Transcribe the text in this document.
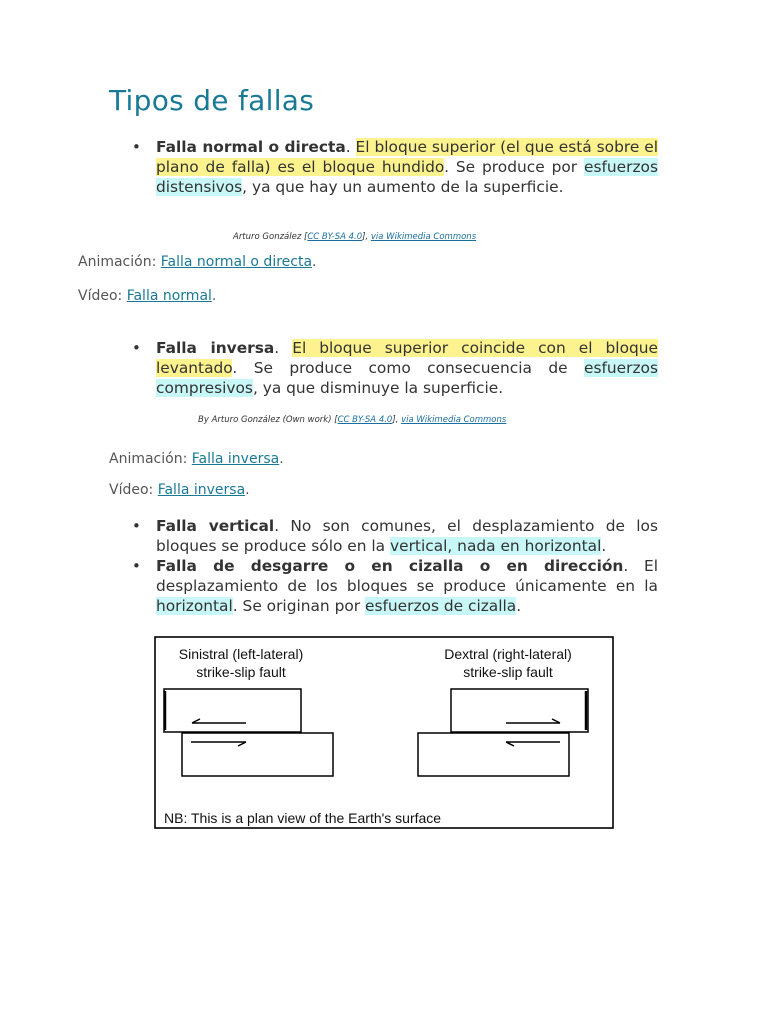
Tipos de fallas
• Falla normal o directa. El bloque superior (el que está sobre el plano de falla) es el bloque hundido. Se produce por esfuerzos distensivos, ya que hay un aumento de la superficie.
Arturo González [CC BY-SA 4.0], via Wikimedia Commons
Animación: Falla normal o directa.
Vídeo: Falla normal.
• Falla inversa. El bloque superior coincide con el bloque levantado. Se produce como consecuencia de esfuerzos compresivos, ya que disminuye la superficie.
By Arturo González (Own work) [CC BY-SA 4.0], via Wikimedia Commons
Animación: Falla inversa.
Vídeo: Falla inversa.
• Falla vertical. No son comunes, el desplazamiento de los bloques se produce sólo en la vertical, nada en horizontal.
• Falla de desgarre o en cizalla o en dirección. El desplazamiento de los bloques se produce únicamente en la horizontal. Se originan por esfuerzos de cizalla.
Sinistral (left-lateral)
strike-slip fault
Dextral (right-lateral)
strike-slip fault
NB: This is a plan view of the Earth's surface
